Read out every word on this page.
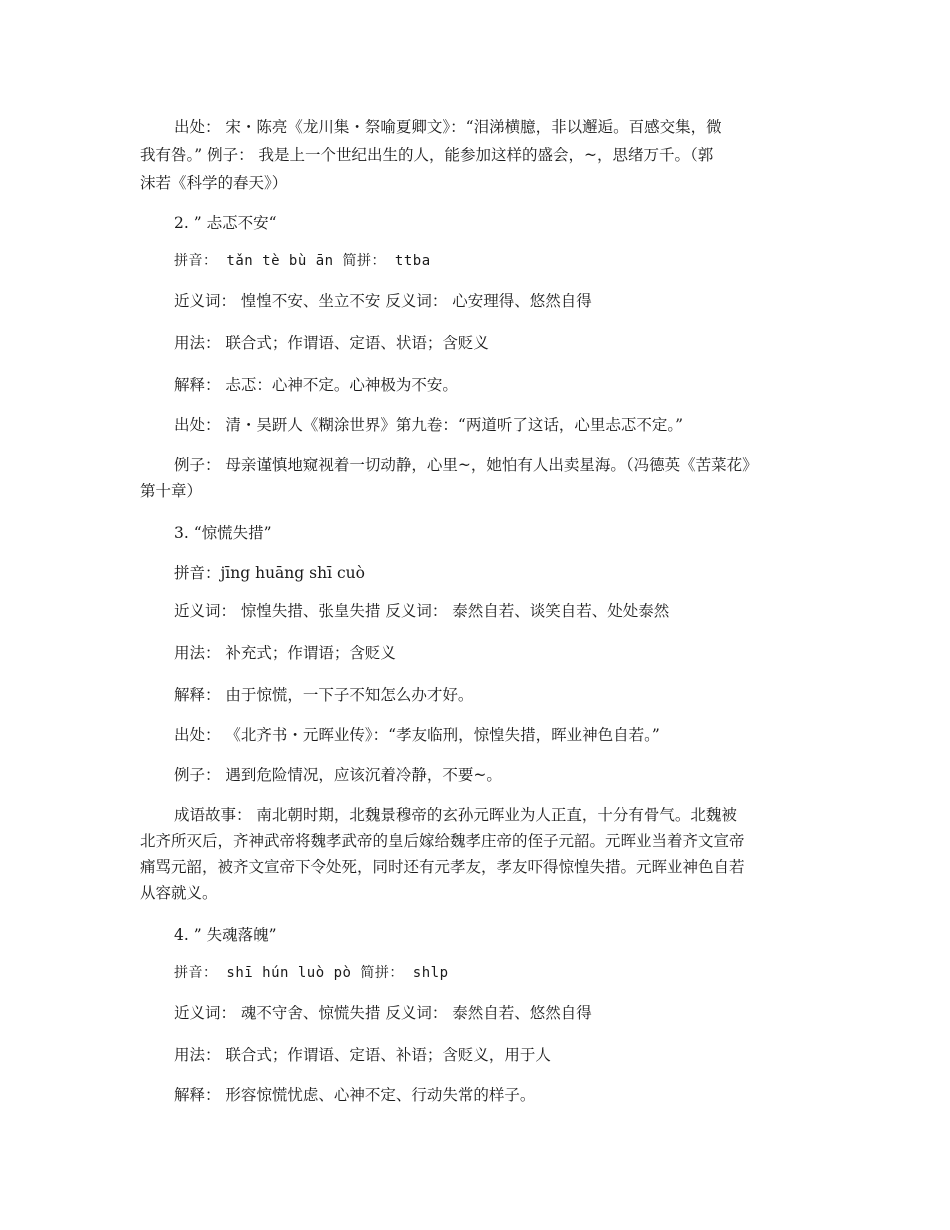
出处： 宋・陈亮《龙川集・祭喻夏卿文》：“泪涕横臆，非以邂逅。百感交集，微
我有咎。” 例子： 我是上一个世纪出生的人，能参加这样的盛会，~，思绪万千。（郭
沫若《科学的春天》）
2. ” 忐忑不安“
拼音： tǎn tè bù ān 简拼： ttba
近义词： 惶惶不安、坐立不安 反义词： 心安理得、悠然自得
用法： 联合式；作谓语、定语、状语；含贬义
解释： 忐忑：心神不定。心神极为不安。
出处： 清・吴趼人《糊涂世界》第九卷：“两道听了这话，心里忐忑不定。”
例子： 母亲谨慎地窥视着一切动静，心里~，她怕有人出卖星海。（冯德英《苦菜花》
第十章）
3. “惊慌失措”
拼音：jīng huāng shī cuò
近义词： 惊惶失措、张皇失措 反义词： 泰然自若、谈笑自若、处处泰然
用法： 补充式；作谓语；含贬义
解释： 由于惊慌，一下子不知怎么办才好。
出处： 《北齐书・元晖业传》：“孝友临刑，惊惶失措，晖业神色自若。”
例子： 遇到危险情况，应该沉着冷静，不要~。
成语故事： 南北朝时期，北魏景穆帝的玄孙元晖业为人正直，十分有骨气。北魏被
北齐所灭后，齐神武帝将魏孝武帝的皇后嫁给魏孝庄帝的侄子元韶。元晖业当着齐文宣帝
痛骂元韶，被齐文宣帝下令处死，同时还有元孝友，孝友吓得惊惶失措。元晖业神色自若
从容就义。
4. ” 失魂落魄”
拼音： shī hún luò pò 简拼： shlp
近义词： 魂不守舍、惊慌失措 反义词： 泰然自若、悠然自得
用法： 联合式；作谓语、定语、补语；含贬义，用于人
解释： 形容惊慌忧虑、心神不定、行动失常的样子。
